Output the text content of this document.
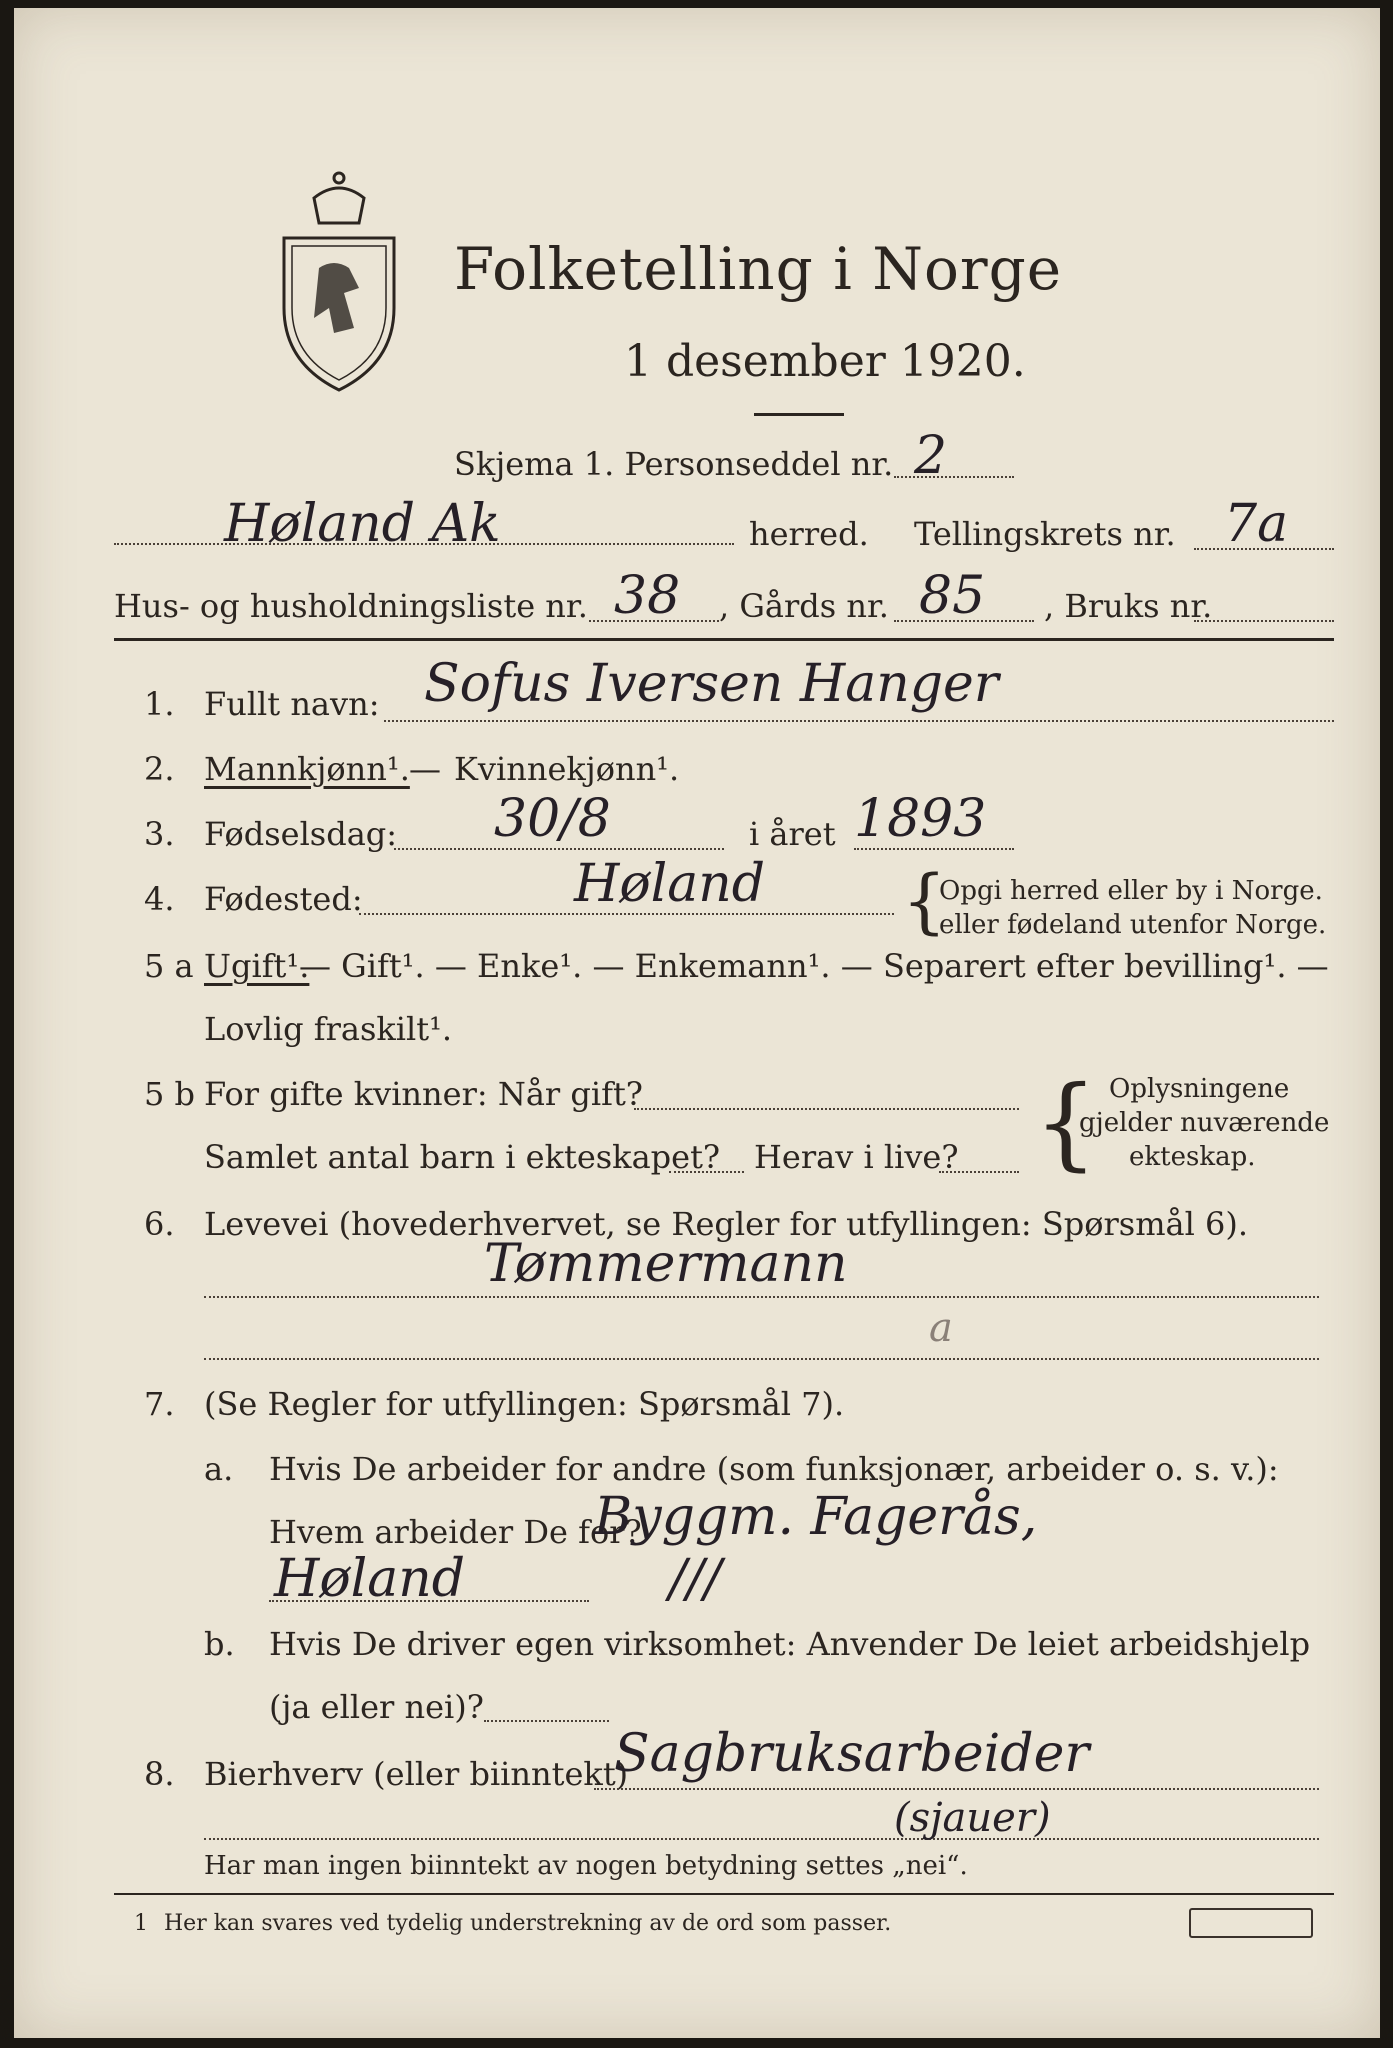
Folketelling i Norge
1 desember 1920.
Skjema 1. Personseddel nr. 2
Høland Ak	herred. Tellingskrets nr. 7a
Hus- og husholdningsliste nr. 38 , Gårds nr. 85 , Bruks nr.
1. Fullt navn: Sofus Iversen Hanger
2. Mannkjønn¹. — Kvinnekjønn¹.
3. Fødselsdag: 30/8	i året 1893
4. Fødested:	Høland {
Opgi herred eller by i Norge.
eller fødeland utenfor Norge.
5 a Ugift¹.
— Gift¹. — Enke¹. — Enkemann¹. — Separert efter bevilling¹. —
Lovlig fraskilt¹.
5 b For gifte kvinner: Når gift?
Samlet antal barn i ekteskapet? Herav i live? { Oplysningene
gjelder nuværende
ekteskap.
6. Levevei (hovederhvervet, se Regler for utfyllingen: Spørsmål 6).
Tømmermann
a
7. (Se Regler for utfyllingen: Spørsmål 7).
a. Hvis De arbeider for andre (som funksjonær, arbeider o. s. v.):
Hvem arbeider De for?
Byggm. Fagerås,
Høland	///
b. Hvis De driver egen virksomhet: Anvender De leiet arbeidshjelp
(ja eller nei)?
8. Bierhverv (eller biinntekt)
Sagbruksarbeider
(sjauer)
Har man ingen biinntekt av nogen betydning settes „nei“.
1 Her kan svares ved tydelig understrekning av de ord som passer.
